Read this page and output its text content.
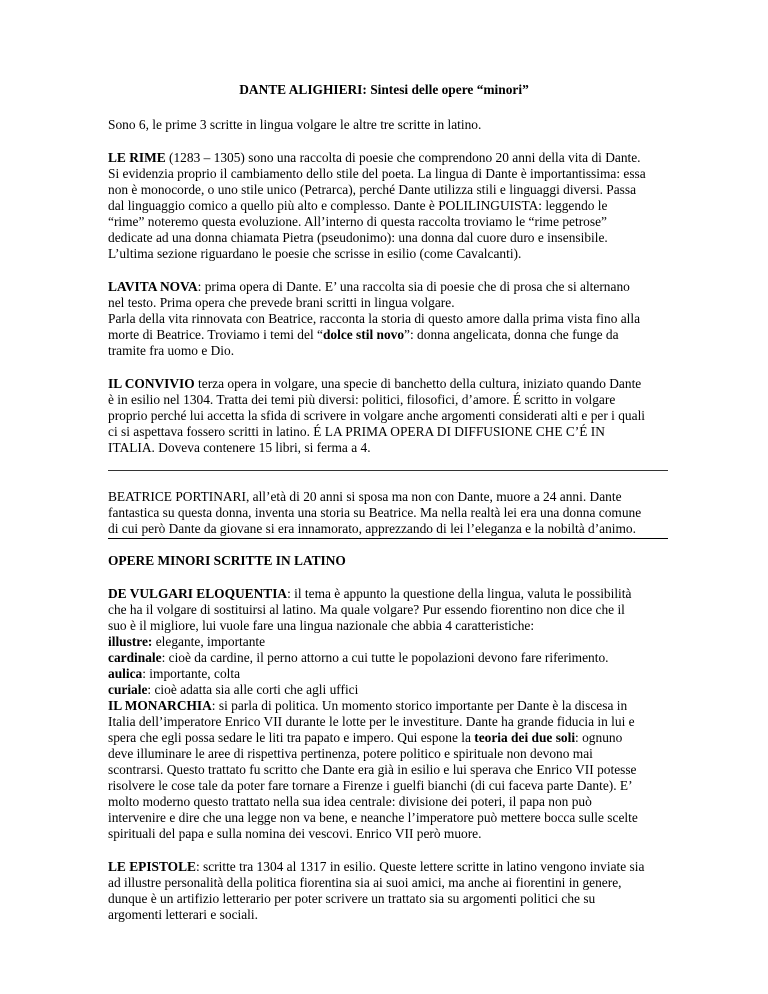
DANTE ALIGHIERI: Sintesi delle opere “minori”

Sono 6, le prime 3 scritte in lingua volgare le altre tre scritte in latino.

LE RIME (1283 – 1305) sono una raccolta di poesie che comprendono 20 anni della vita di Dante.
Si evidenzia proprio il cambiamento dello stile del poeta. La lingua di Dante è importantissima: essa
non è monocorde, o uno stile unico (Petrarca), perché Dante utilizza stili e linguaggi diversi. Passa
dal linguaggio comico a quello più alto e complesso. Dante è POLILINGUISTA: leggendo le
“rime” noteremo questa evoluzione. All’interno di questa raccolta troviamo le “rime petrose”
dedicate ad una donna chiamata Pietra (pseudonimo): una donna dal cuore duro e insensibile.
L’ultima sezione riguardano le poesie che scrisse in esilio (come Cavalcanti).

LAVITA NOVA: prima opera di Dante. E’ una raccolta sia di poesie che di prosa che si alternano
nel testo. Prima opera che prevede brani scritti in lingua volgare.
Parla della vita rinnovata con Beatrice, racconta la storia di questo amore dalla prima vista fino alla
morte di Beatrice. Troviamo i temi del “dolce stil novo”: donna angelicata, donna che funge da
tramite fra uomo e Dio.

IL CONVIVIO terza opera in volgare, una specie di banchetto della cultura, iniziato quando Dante
è in esilio nel 1304. Tratta dei temi più diversi: politici, filosofici, d’amore. É scritto in volgare
proprio perché lui accetta la sfida di scrivere in volgare anche argomenti considerati alti e per i quali
ci si aspettava fossero scritti in latino. É LA PRIMA OPERA DI DIFFUSIONE CHE C’É IN
ITALIA. Doveva contenere 15 libri, si ferma a 4.

BEATRICE PORTINARI, all’età di 20 anni si sposa ma non con Dante, muore a 24 anni. Dante
fantastica su questa donna, inventa una storia su Beatrice. Ma nella realtà lei era una donna comune
di cui però Dante da giovane si era innamorato, apprezzando di lei l’eleganza e la nobiltà d’animo.

OPERE MINORI SCRITTE IN LATINO

DE VULGARI ELOQUENTIA: il tema è appunto la questione della lingua, valuta le possibilità
che ha il volgare di sostituirsi al latino. Ma quale volgare? Pur essendo fiorentino non dice che il
suo è il migliore, lui vuole fare una lingua nazionale che abbia 4 caratteristiche:
illustre: elegante, importante
cardinale: cioè da cardine, il perno attorno a cui tutte le popolazioni devono fare riferimento.
aulica: importante, colta
curiale: cioè adatta sia alle corti che agli uffici

IL MONARCHIA: si parla di politica. Un momento storico importante per Dante è la discesa in
Italia dell’imperatore Enrico VII durante le lotte per le investiture. Dante ha grande fiducia in lui e
spera che egli possa sedare le liti tra papato e impero. Qui espone la teoria dei due soli: ognuno
deve illuminare le aree di rispettiva pertinenza, potere politico e spirituale non devono mai
scontrarsi. Questo trattato fu scritto che Dante era già in esilio e lui sperava che Enrico VII potesse
risolvere le cose tale da poter fare tornare a Firenze i guelfi bianchi (di cui faceva parte Dante). E’
molto moderno questo trattato nella sua idea centrale: divisione dei poteri, il papa non può
intervenire e dire che una legge non va bene, e neanche l’imperatore può mettere bocca sulle scelte
spirituali del papa e sulla nomina dei vescovi. Enrico VII però muore.

LE EPISTOLE: scritte tra 1304 al 1317 in esilio. Queste lettere scritte in latino vengono inviate sia
ad illustre personalità della politica fiorentina sia ai suoi amici, ma anche ai fiorentini in genere,
dunque è un artifizio letterario per poter scrivere un trattato sia su argomenti politici che su
argomenti letterari e sociali.
